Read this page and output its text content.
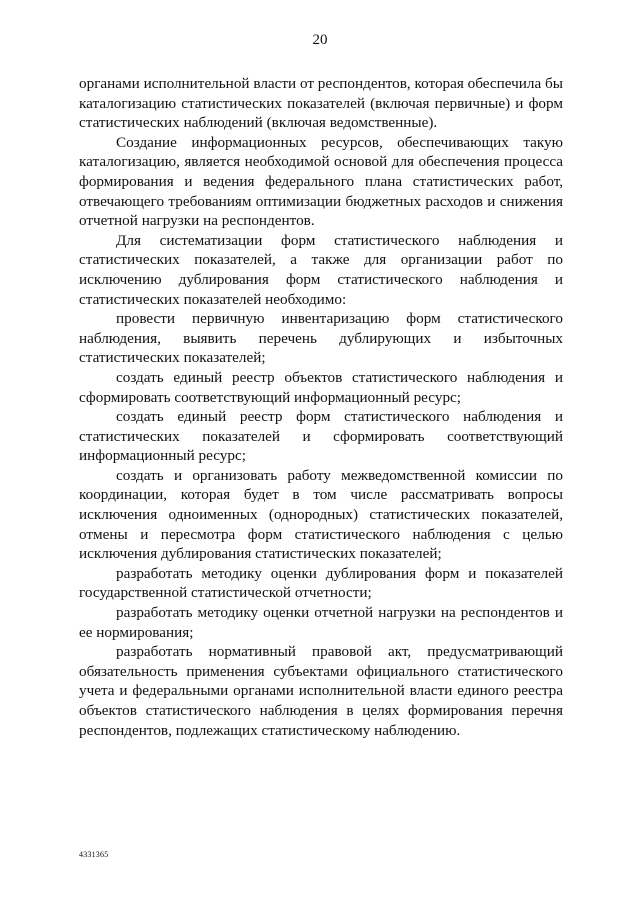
20

органами исполнительной власти от респондентов, которая обеспечила бы каталогизацию статистических показателей (включая первичные) и форм статистических наблюдений (включая ведомственные).

Создание информационных ресурсов, обеспечивающих такую каталогизацию, является необходимой основой для обеспечения процесса формирования и ведения федерального плана статистических работ, отвечающего требованиям оптимизации бюджетных расходов и снижения отчетной нагрузки на респондентов.

Для систематизации форм статистического наблюдения и статистических показателей, а также для организации работ по исключению дублирования форм статистического наблюдения и статистических показателей необходимо:

провести первичную инвентаризацию форм статистического наблюдения, выявить перечень дублирующих и избыточных статистических показателей;

создать единый реестр объектов статистического наблюдения и сформировать соответствующий информационный ресурс;

создать единый реестр форм статистического наблюдения и статистических показателей и сформировать соответствующий информационный ресурс;

создать и организовать работу межведомственной комиссии по координации, которая будет в том числе рассматривать вопросы исключения одноименных (однородных) статистических показателей, отмены и пересмотра форм статистического наблюдения с целью исключения дублирования статистических показателей;

разработать методику оценки дублирования форм и показателей государственной статистической отчетности;

разработать методику оценки отчетной нагрузки на респондентов и ее нормирования;

разработать нормативный правовой акт, предусматривающий обязательность применения субъектами официального статистического учета и федеральными органами исполнительной власти единого реестра объектов статистического наблюдения в целях формирования перечня респондентов, подлежащих статистическому наблюдению.

4331365
